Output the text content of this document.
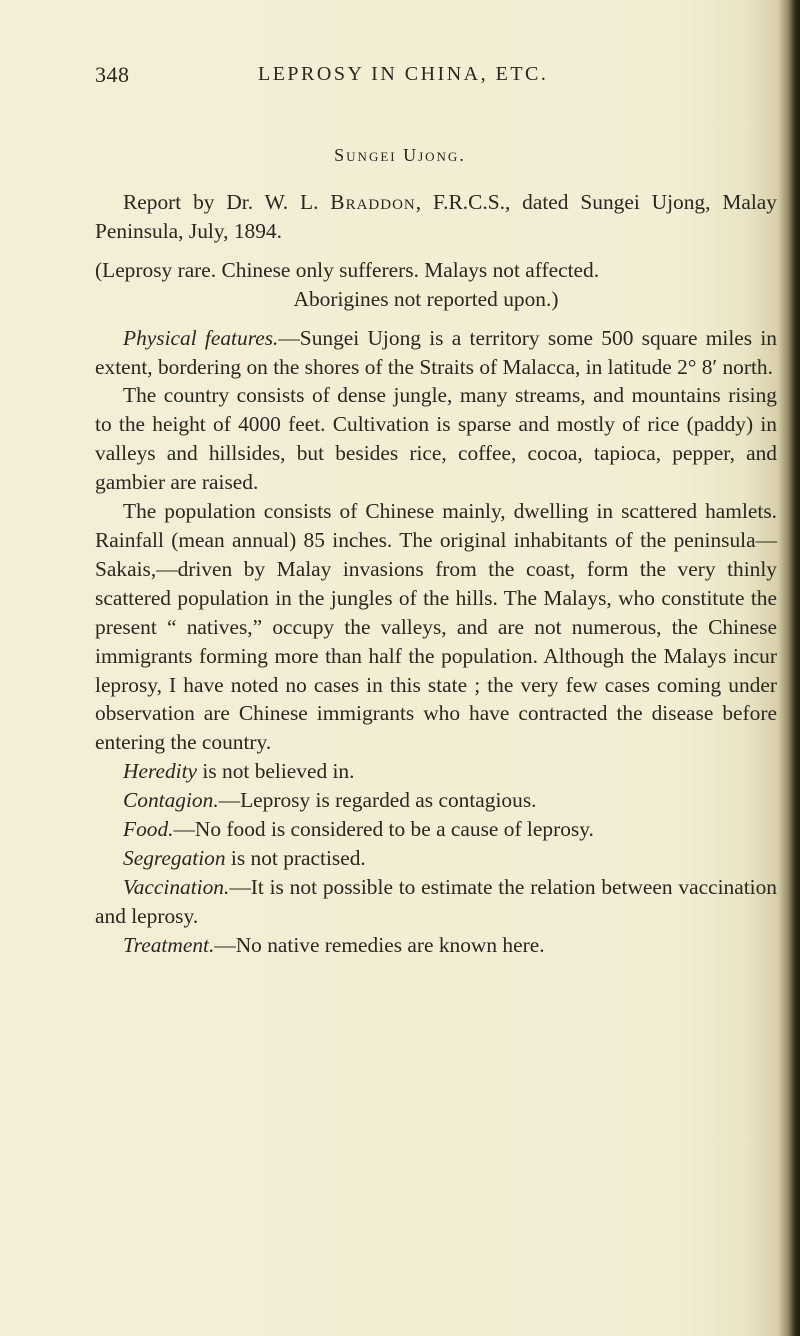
348	LEPROSY IN CHINA, ETC.
Sungei Ujong.

Report by Dr. W. L. Braddon, F.R.C.S., dated Sungei Ujong, Malay Peninsula, July, 1894.

(Leprosy rare. Chinese only sufferers. Malays not affected.
Aborigines not reported upon.)

Physical features.—Sungei Ujong is a territory some 500 square miles in extent, bordering on the shores of the Straits of Malacca, in latitude 2° 8′ north.

The country consists of dense jungle, many streams, and mountains rising to the height of 4000 feet. Cultivation is sparse and mostly of rice (paddy) in valleys and hillsides, but besides rice, coffee, cocoa, tapioca, pepper, and gambier are raised.

The population consists of Chinese mainly, dwelling in scattered hamlets. Rainfall (mean annual) 85 inches. The original inhabitants of the peninsula—Sakais,—driven by Malay invasions from the coast, form the very thinly scattered population in the jungles of the hills. The Malays, who constitute the present “ natives,” occupy the valleys, and are not numerous, the Chinese immigrants forming more than half the population. Although the Malays incur leprosy, I have noted no cases in this state ; the very few cases coming under observation are Chinese immigrants who have contracted the disease before entering the country.

Heredity is not believed in.

Contagion.—Leprosy is regarded as contagious.

Food.—No food is considered to be a cause of leprosy.

Segregation is not practised.

Vaccination.—It is not possible to estimate the relation between vaccination and leprosy.

Treatment.—No native remedies are known here.
